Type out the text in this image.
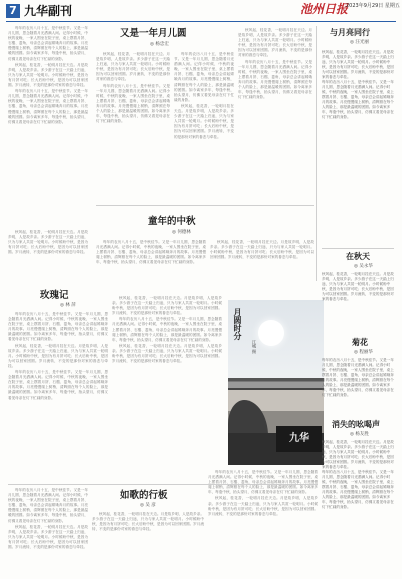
7 九华副刊	池州日报
2023年9月29日 星期五

每年的农历八月十五，是中秋佳节。又是一年月儿圆，思念随着月光洒满人间。记得小时候，中秋的夜晚，一家人围坐在院子里，桌上摆着月饼、石榴、菱角，母亲总会讲起嫦娥奔月的故事。月亮慢慢爬上树梢，清辉照在每个人的脸上，那是最温暖的团圆。如今离家多年，每逢中秋，抬头望月，仿佛又看见母亲在灯下忙碌的身影。

秋风起，桂花香，一轮明月挂在天边。月是故乡明，人是故乡亲。多少游子在这一天踏上归途，只为与家人共赏一轮明月。小时候盼中秋，是因为有月饼可吃；长大后盼中秋，是因为可以回家团圆。岁月流转，不变的是那份对家的眷恋与牵挂。

每年的农历八月十五，是中秋佳节。又是一年月儿圆，思念随着月光洒满人间。记得小时候，中秋的夜晚，一家人围坐在院子里，桌上摆着月饼、石榴、菱角，母亲总会讲起嫦娥奔月的故事。月亮慢慢爬上树梢，清辉照在每个人的脸上，那是最温暖的团圆。如今离家多年，每逢中秋，抬头望月，仿佛又看见母亲在灯下忙碌的身影。

又是一年月儿圆
◎ 杨忠宏

秋风起，桂花香，一轮明月挂在天边。月是故乡明，人是故乡亲。多少游子在这一天踏上归途，只为与家人共赏一轮明月。小时候盼中秋，是因为有月饼可吃；长大后盼中秋，是因为可以回家团圆。岁月流转，不变的是那份对家的眷恋与牵挂。

每年的农历八月十五，是中秋佳节。又是一年月儿圆，思念随着月光洒满人间。记得小时候，中秋的夜晚，一家人围坐在院子里，桌上摆着月饼、石榴、菱角，母亲总会讲起嫦娥奔月的故事。月亮慢慢爬上树梢，清辉照在每个人的脸上，那是最温暖的团圆。如今离家多年，每逢中秋，抬头望月，仿佛又看见母亲在灯下忙碌的身影。

每年的农历八月十五，是中秋佳节。又是一年月儿圆，思念随着月光洒满人间。记得小时候，中秋的夜晚，一家人围坐在院子里，桌上摆着月饼、石榴、菱角，母亲总会讲起嫦娥奔月的故事。月亮慢慢爬上树梢，清辉照在每个人的脸上，那是最温暖的团圆。如今离家多年，每逢中秋，抬头望月，仿佛又看见母亲在灯下忙碌的身影。

秋风起，桂花香，一轮明月挂在天边。月是故乡明，人是故乡亲。多少游子在这一天踏上归途，只为与家人共赏一轮明月。小时候盼中秋，是因为有月饼可吃；长大后盼中秋，是因为可以回家团圆。岁月流转，不变的是那份对家的眷恋与牵挂。

秋风起，桂花香，一轮明月挂在天边。月是故乡明，人是故乡亲。多少游子在这一天踏上归途，只为与家人共赏一轮明月。小时候盼中秋，是因为有月饼可吃；长大后盼中秋，是因为可以回家团圆。岁月流转，不变的是那份对家的眷恋与牵挂。

每年的农历八月十五，是中秋佳节。又是一年月儿圆，思念随着月光洒满人间。记得小时候，中秋的夜晚，一家人围坐在院子里，桌上摆着月饼、石榴、菱角，母亲总会讲起嫦娥奔月的故事。月亮慢慢爬上树梢，清辉照在每个人的脸上，那是最温暖的团圆。如今离家多年，每逢中秋，抬头望月，仿佛又看见母亲在灯下忙碌的身影。

与月亮同行
◎ 汪光丽
秋风起，桂花香，一轮明月挂在天边。月是故乡明，人是故乡亲。多少游子在这一天踏上归途，只为与家人共赏一轮明月。小时候盼中秋，是因为有月饼可吃；长大后盼中秋，是因为可以回家团圆。岁月流转，不变的是那份对家的眷恋与牵挂。
每年的农历八月十五，是中秋佳节。又是一年月儿圆，思念随着月光洒满人间。记得小时候，中秋的夜晚，一家人围坐在院子里，桌上摆着月饼、石榴、菱角，母亲总会讲起嫦娥奔月的故事。月亮慢慢爬上树梢，清辉照在每个人的脸上，那是最温暖的团圆。如今离家多年，每逢中秋，抬头望月，仿佛又看见母亲在灯下忙碌的身影。
童年的中秋
◎ 何德林

每年的农历八月十五，是中秋佳节。又是一年月儿圆，思念随着月光洒满人间。记得小时候，中秋的夜晚，一家人围坐在院子里，桌上摆着月饼、石榴、菱角，母亲总会讲起嫦娥奔月的故事。月亮慢慢爬上树梢，清辉照在每个人的脸上，那是最温暖的团圆。如今离家多年，每逢中秋，抬头望月，仿佛又看见母亲在灯下忙碌的身影。

秋风起，桂花香，一轮明月挂在天边。月是故乡明，人是故乡亲。多少游子在这一天踏上归途，只为与家人共赏一轮明月。小时候盼中秋，是因为有月饼可吃；长大后盼中秋，是因为可以回家团圆。岁月流转，不变的是那份对家的眷恋与牵挂。

秋风起，桂花香，一轮明月挂在天边。月是故乡明，人是故乡亲。多少游子在这一天踏上归途，只为与家人共赏一轮明月。小时候盼中秋，是因为有月饼可吃；长大后盼中秋，是因为可以回家团圆。岁月流转，不变的是那份对家的眷恋与牵挂。

玫瑰记
◎ 林 萍

每年的农历八月十五，是中秋佳节。又是一年月儿圆，思念随着月光洒满人间。记得小时候，中秋的夜晚，一家人围坐在院子里，桌上摆着月饼、石榴、菱角，母亲总会讲起嫦娥奔月的故事。月亮慢慢爬上树梢，清辉照在每个人的脸上，那是最温暖的团圆。如今离家多年，每逢中秋，抬头望月，仿佛又看见母亲在灯下忙碌的身影。

秋风起，桂花香，一轮明月挂在天边。月是故乡明，人是故乡亲。多少游子在这一天踏上归途，只为与家人共赏一轮明月。小时候盼中秋，是因为有月饼可吃；长大后盼中秋，是因为可以回家团圆。岁月流转，不变的是那份对家的眷恋与牵挂。

每年的农历八月十五，是中秋佳节。又是一年月儿圆，思念随着月光洒满人间。记得小时候，中秋的夜晚，一家人围坐在院子里，桌上摆着月饼、石榴、菱角，母亲总会讲起嫦娥奔月的故事。月亮慢慢爬上树梢，清辉照在每个人的脸上，那是最温暖的团圆。如今离家多年，每逢中秋，抬头望月，仿佛又看见母亲在灯下忙碌的身影。

秋风起，桂花香，一轮明月挂在天边。月是故乡明，人是故乡亲。多少游子在这一天踏上归途，只为与家人共赏一轮明月。小时候盼中秋，是因为有月饼可吃；长大后盼中秋，是因为可以回家团圆。岁月流转，不变的是那份对家的眷恋与牵挂。

每年的农历八月十五，是中秋佳节。又是一年月儿圆，思念随着月光洒满人间。记得小时候，中秋的夜晚，一家人围坐在院子里，桌上摆着月饼、石榴、菱角，母亲总会讲起嫦娥奔月的故事。月亮慢慢爬上树梢，清辉照在每个人的脸上，那是最温暖的团圆。如今离家多年，每逢中秋，抬头望月，仿佛又看见母亲在灯下忙碌的身影。

秋风起，桂花香，一轮明月挂在天边。月是故乡明，人是故乡亲。多少游子在这一天踏上归途，只为与家人共赏一轮明月。小时候盼中秋，是因为有月饼可吃；长大后盼中秋，是因为可以回家团圆。岁月流转，不变的是那份对家的眷恋与牵挂。

月圆时分
江城 摄
九华
在秋天
◎ 吴永华
秋风起，桂花香，一轮明月挂在天边。月是故乡明，人是故乡亲。多少游子在这一天踏上归途，只为与家人共赏一轮明月。小时候盼中秋，是因为有月饼可吃；长大后盼中秋，是因为可以回家团圆。岁月流转，不变的是那份对家的眷恋与牵挂。
菊花
◎ 程丽华
每年的农历八月十五，是中秋佳节。又是一年月儿圆，思念随着月光洒满人间。记得小时候，中秋的夜晚，一家人围坐在院子里，桌上摆着月饼、石榴、菱角，母亲总会讲起嫦娥奔月的故事。月亮慢慢爬上树梢，清辉照在每个人的脸上，那是最温暖的团圆。如今离家多年，每逢中秋，抬头望月，仿佛又看见母亲在灯下忙碌的身影。
消失的吆喝声
◎ 杨友胜
秋风起，桂花香，一轮明月挂在天边。月是故乡明，人是故乡亲。多少游子在这一天踏上归途，只为与家人共赏一轮明月。小时候盼中秋，是因为有月饼可吃；长大后盼中秋，是因为可以回家团圆。岁月流转，不变的是那份对家的眷恋与牵挂。
每年的农历八月十五，是中秋佳节。又是一年月儿圆，思念随着月光洒满人间。记得小时候，中秋的夜晚，一家人围坐在院子里，桌上摆着月饼、石榴、菱角，母亲总会讲起嫦娥奔月的故事。月亮慢慢爬上树梢，清辉照在每个人的脸上，那是最温暖的团圆。如今离家多年，每逢中秋，抬头望月，仿佛又看见母亲在灯下忙碌的身影。

每年的农历八月十五，是中秋佳节。又是一年月儿圆，思念随着月光洒满人间。记得小时候，中秋的夜晚，一家人围坐在院子里，桌上摆着月饼、石榴、菱角，母亲总会讲起嫦娥奔月的故事。月亮慢慢爬上树梢，清辉照在每个人的脸上，那是最温暖的团圆。如今离家多年，每逢中秋，抬头望月，仿佛又看见母亲在灯下忙碌的身影。

秋风起，桂花香，一轮明月挂在天边。月是故乡明，人是故乡亲。多少游子在这一天踏上归途，只为与家人共赏一轮明月。小时候盼中秋，是因为有月饼可吃；长大后盼中秋，是因为可以回家团圆。岁月流转，不变的是那份对家的眷恋与牵挂。

如歌的行板
◎ 吴 彦

秋风起，桂花香，一轮明月挂在天边。月是故乡明，人是故乡亲。多少游子在这一天踏上归途，只为与家人共赏一轮明月。小时候盼中秋，是因为有月饼可吃；长大后盼中秋，是因为可以回家团圆。岁月流转，不变的是那份对家的眷恋与牵挂。

每年的农历八月十五，是中秋佳节。又是一年月儿圆，思念随着月光洒满人间。记得小时候，中秋的夜晚，一家人围坐在院子里，桌上摆着月饼、石榴、菱角，母亲总会讲起嫦娥奔月的故事。月亮慢慢爬上树梢，清辉照在每个人的脸上，那是最温暖的团圆。如今离家多年，每逢中秋，抬头望月，仿佛又看见母亲在灯下忙碌的身影。

秋风起，桂花香，一轮明月挂在天边。月是故乡明，人是故乡亲。多少游子在这一天踏上归途，只为与家人共赏一轮明月。小时候盼中秋，是因为有月饼可吃；长大后盼中秋，是因为可以回家团圆。岁月流转，不变的是那份对家的眷恋与牵挂。
